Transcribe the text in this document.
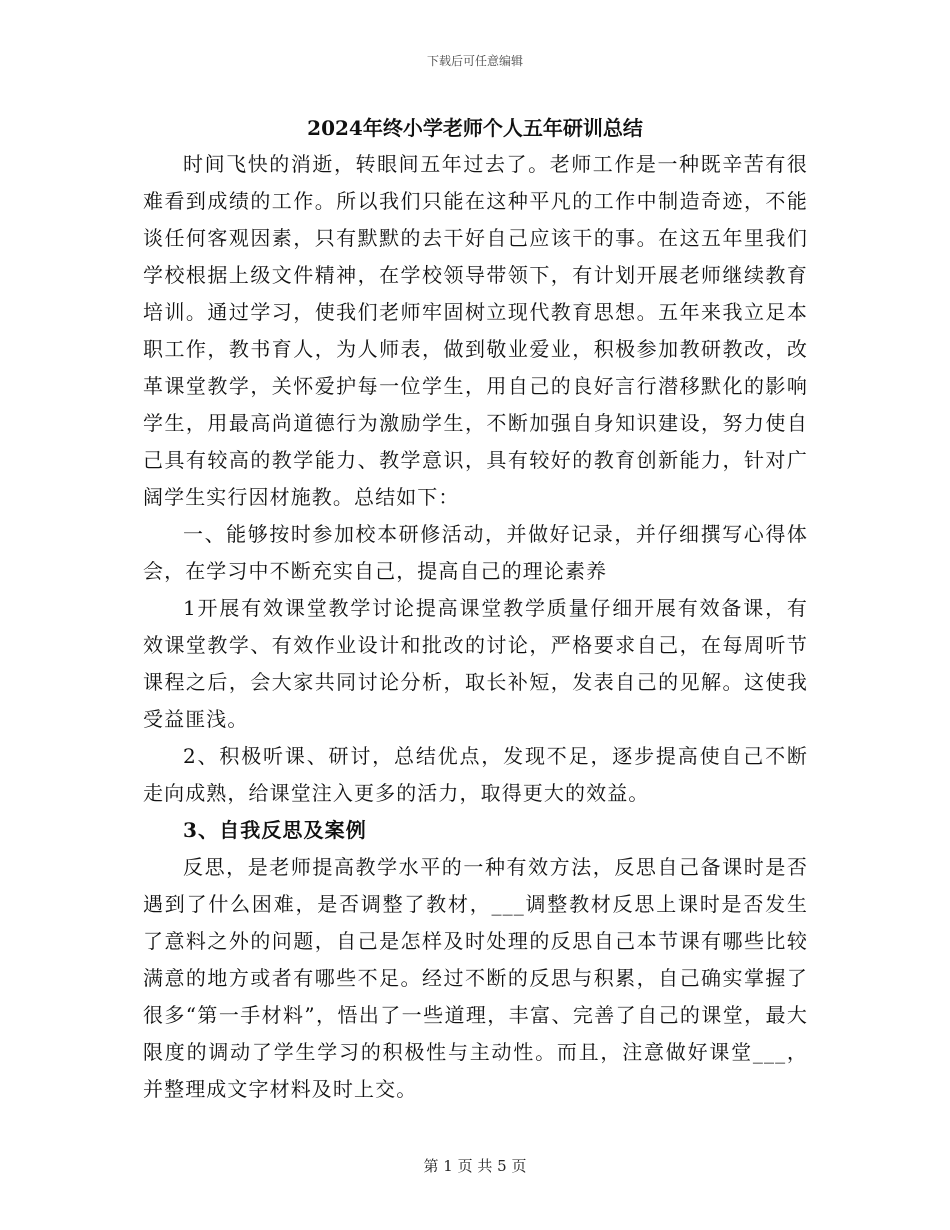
下载后可任意编辑
2024年终小学老师个人五年研训总结

时间飞快的消逝，转眼间五年过去了。老师工作是一种既辛苦有很难看到成绩的工作。所以我们只能在这种平凡的工作中制造奇迹，不能谈任何客观因素，只有默默的去干好自己应该干的事。在这五年里我们学校根据上级文件精神，在学校领导带领下，有计划开展老师继续教育培训。通过学习，使我们老师牢固树立现代教育思想。五年来我立足本职工作，教书育人，为人师表，做到敬业爱业，积极参加教研教改，改革课堂教学，关怀爱护每一位学生，用自己的良好言行潜移默化的影响学生，用最高尚道德行为激励学生，不断加强自身知识建设，努力使自己具有较高的教学能力、教学意识，具有较好的教育创新能力，针对广阔学生实行因材施教。总结如下：

一、能够按时参加校本研修活动，并做好记录，并仔细撰写心得体会，在学习中不断充实自己，提高自己的理论素养

1开展有效课堂教学讨论提高课堂教学质量仔细开展有效备课，有效课堂教学、有效作业设计和批改的讨论，严格要求自己，在每周听节课程之后，会大家共同讨论分析，取长补短，发表自己的见解。这使我受益匪浅。

2、积极听课、研讨，总结优点，发现不足，逐步提高使自己不断走向成熟，给课堂注入更多的活力，取得更大的效益。

3、自我反思及案例

反思，是老师提高教学水平的一种有效方法，反思自己备课时是否遇到了什么困难，是否调整了教材，___调整教材反思上课时是否发生了意料之外的问题，自己是怎样及时处理的反思自己本节课有哪些比较满意的地方或者有哪些不足。经过不断的反思与积累，自己确实掌握了很多“第一手材料”，悟出了一些道理，丰富、完善了自己的课堂，最大限度的调动了学生学习的积极性与主动性。而且，注意做好课堂___，并整理成文字材料及时上交。

第 1 页 共 5 页
